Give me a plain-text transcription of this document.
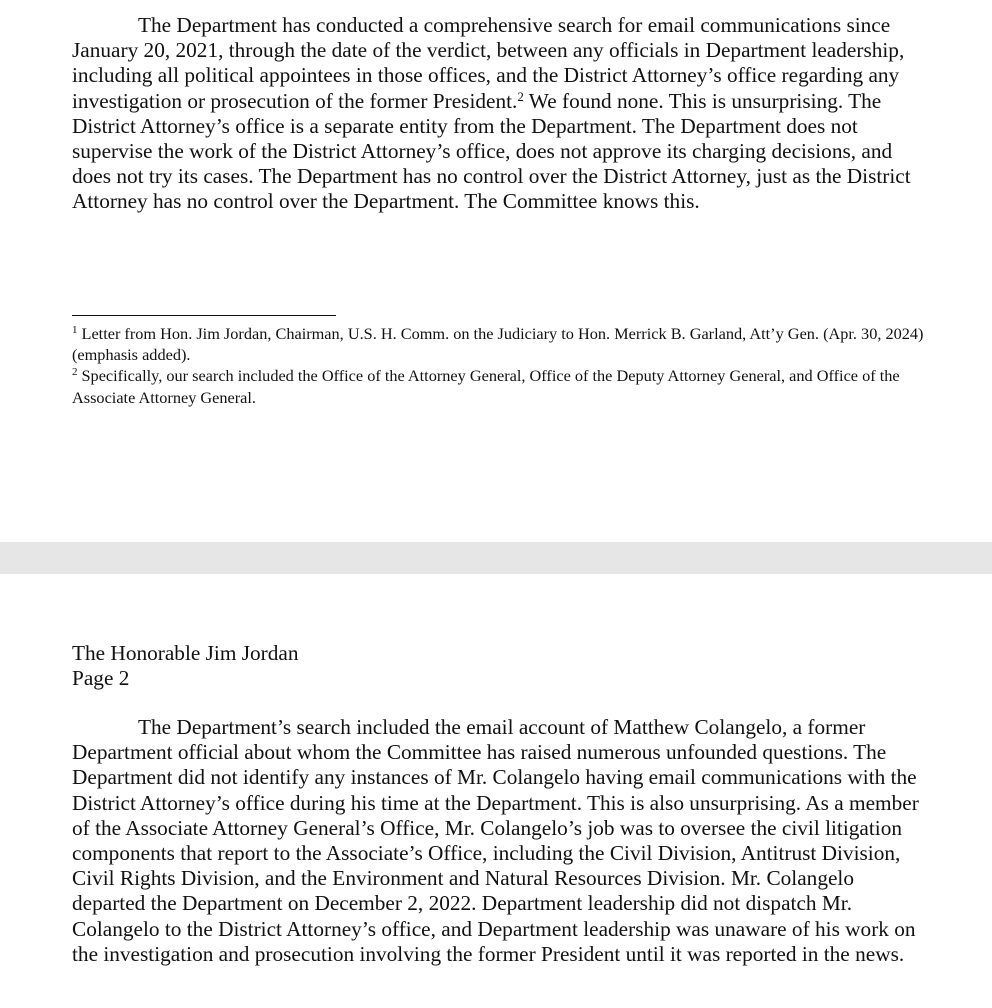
The Department has conducted a comprehensive search for email communications since January 20, 2021, through the date of the verdict, between any officials in Department leadership, including all political appointees in those offices, and the District Attorney’s office regarding any investigation or prosecution of the former President.$^2$ We found none. This is unsurprising. The District Attorney’s office is a separate entity from the Department. The Department does not supervise the work of the District Attorney’s office, does not approve its charging decisions, and does not try its cases. The Department has no control over the District Attorney, just as the District Attorney has no control over the Department. The Committee knows this.

$^1$ Letter from Hon. Jim Jordan, Chairman, U.S. H. Comm. on the Judiciary to Hon. Merrick B. Garland, Att’y Gen. (Apr. 30, 2024) (emphasis added).

$^2$ Specifically, our search included the Office of the Attorney General, Office of the Deputy Attorney General, and Office of the Associate Attorney General.

The Honorable Jim Jordan
Page 2

The Department’s search included the email account of Matthew Colangelo, a former Department official about whom the Committee has raised numerous unfounded questions. The Department did not identify any instances of Mr. Colangelo having email communications with the District Attorney’s office during his time at the Department. This is also unsurprising. As a member of the Associate Attorney General’s Office, Mr. Colangelo’s job was to oversee the civil litigation components that report to the Associate’s Office, including the Civil Division, Antitrust Division, Civil Rights Division, and the Environment and Natural Resources Division. Mr. Colangelo departed the Department on December 2, 2022. Department leadership did not dispatch Mr. Colangelo to the District Attorney’s office, and Department leadership was unaware of his work on the investigation and prosecution involving the former President until it was reported in the news.
